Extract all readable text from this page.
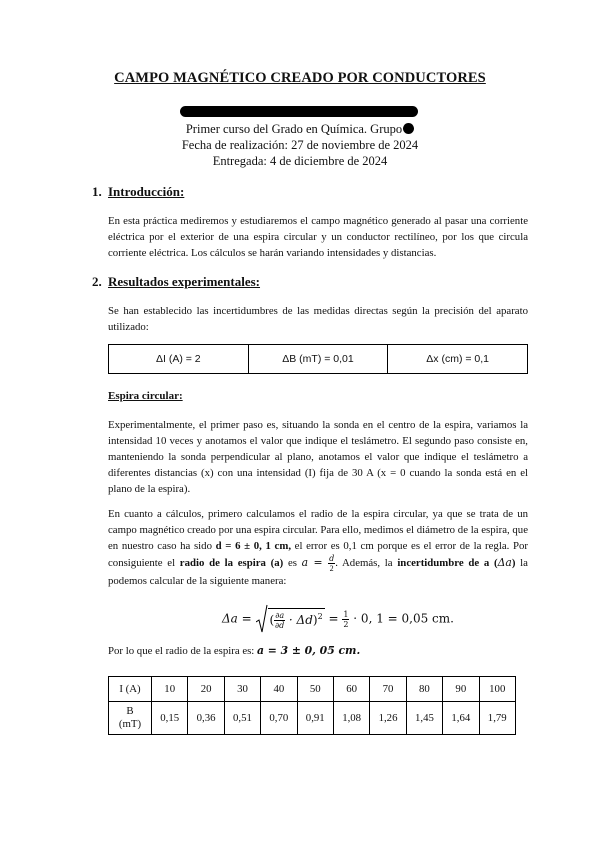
CAMPO MAGNÉTICO CREADO POR CONDUCTORES
Primer curso del Grado en Química. Grupo
Fecha de realización: 27 de noviembre de 2024
Entregada: 4 de diciembre de 2024
1. Introducción:
En esta práctica mediremos y estudiaremos el campo magnético generado al pasar una corriente eléctrica por el exterior de una espira circular y un conductor rectilíneo, por los que circula corriente eléctrica. Los cálculos se harán variando intensidades y distancias.
2. Resultados experimentales:
Se han establecido las incertidumbres de las medidas directas según la precisión del aparato utilizado:
ΔI (A) = 2	ΔB (mT) = 0,01	Δx (cm) = 0,1
Espira circular:
Experimentalmente, el primer paso es, situando la sonda en el centro de la espira, variamos la intensidad 10 veces y anotamos el valor que indique el teslámetro. El segundo paso consiste en, manteniendo la sonda perpendicular al plano, anotamos el valor que indique el teslámetro a diferentes distancias (x) con una intensidad (I) fija de 30 A (x = 0 cuando la sonda está en el plano de la espira).
En cuanto a cálculos, primero calculamos el radio de la espira circular, ya que se trata de un campo magnético creado por una espira circular. Para ello, medimos el diámetro de la espira, que en nuestro caso ha sido d = 6 ± 0, 1 cm, el error es 0,1 cm porque es el error de la regla. Por consiguiente el radio de la espira (a) es $a = \frac{d}{2}$ . Además, la incertidumbre de a (Δa) la podemos calcular de la siguiente manera:
Δa = ( $\frac{\partial a}{\partial d} \cdot \Delta d)^2 = \frac{1}{2} \cdot 0$, 1 = 0,05 cm.
Por lo que el radio de la espira es: a = 3 ± 0, 05 cm.
I (A)	10	20	30	40	50	60	70	80	90	100
B
(mT)	0,15	0,36	0,51	0,70	0,91	1,08	1,26	1,45	1,64	1,79
